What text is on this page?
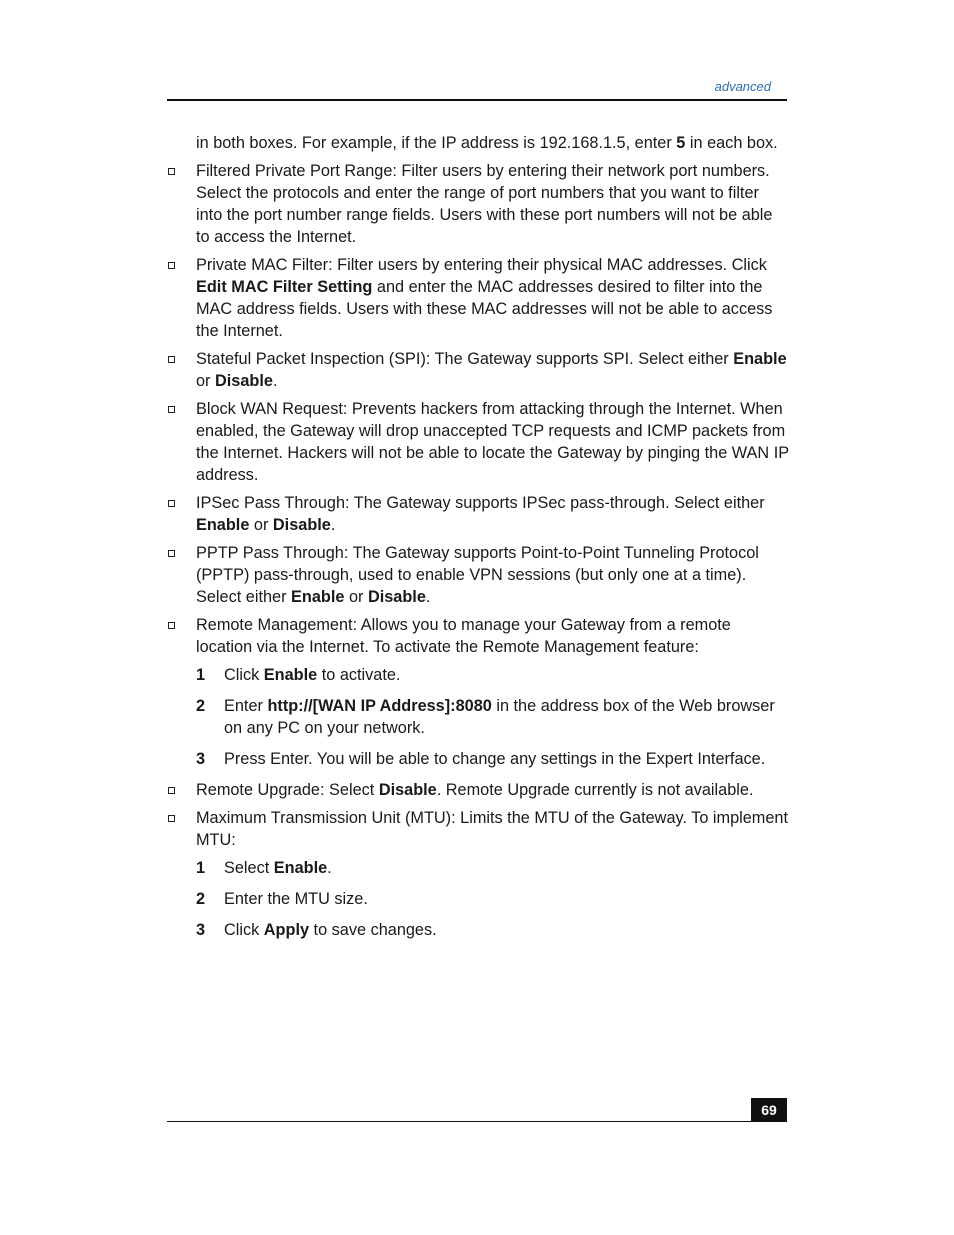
advanced

in both boxes. For example, if the IP address is 192.168.1.5, enter 5 in each box.

Filtered Private Port Range: Filter users by entering their network port numbers. Select the protocols and enter the range of port numbers that you want to filter into the port number range fields. Users with these port numbers will not be able to access the Internet.
Private MAC Filter: Filter users by entering their physical MAC addresses. Click Edit MAC Filter Setting and enter the MAC addresses desired to filter into the MAC address fields. Users with these MAC addresses will not be able to access the Internet.
Stateful Packet Inspection (SPI): The Gateway supports SPI. Select either Enable or Disable.
Block WAN Request: Prevents hackers from attacking through the Internet. When enabled, the Gateway will drop unaccepted TCP requests and ICMP packets from the Internet. Hackers will not be able to locate the Gateway by pinging the WAN IP address.
IPSec Pass Through: The Gateway supports IPSec pass-through. Select either Enable or Disable.
PPTP Pass Through: The Gateway supports Point-to-Point Tunneling Protocol (PPTP) pass-through, used to enable VPN sessions (but only one at a time). Select either Enable or Disable.
Remote Management: Allows you to manage your Gateway from a remote location via the Internet. To activate the Remote Management feature:
1 Click Enable to activate.
2 Enter http://[WAN IP Address]:8080 in the address box of the Web browser on any PC on your network.
3 Press Enter. You will be able to change any settings in the Expert Interface.
Remote Upgrade: Select Disable. Remote Upgrade currently is not available.
Maximum Transmission Unit (MTU): Limits the MTU of the Gateway. To implement MTU:
1 Select Enable.
2 Enter the MTU size.
3 Click Apply to save changes.
69
